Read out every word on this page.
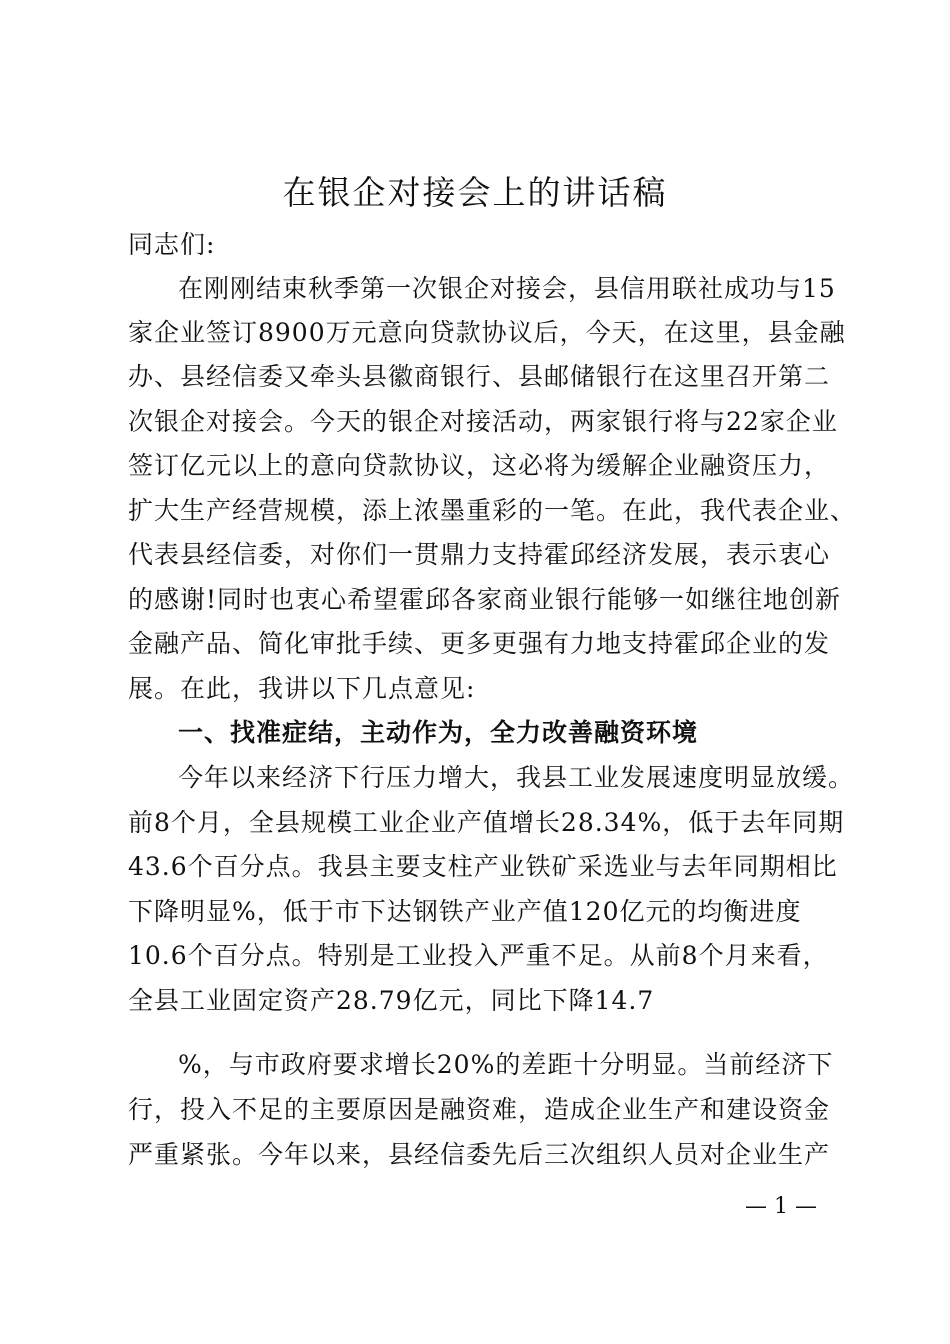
在银企对接会上的讲话稿
同志们:
在刚刚结束秋季第一次银企对接会，县信用联社成功与15
家企业签订8900万元意向贷款协议后，今天，在这里，县金融
办、县经信委又牵头县徽商银行、县邮储银行在这里召开第二
次银企对接会。今天的银企对接活动，两家银行将与22家企业
签订亿元以上的意向贷款协议，这必将为缓解企业融资压力，
扩大生产经营规模，添上浓墨重彩的一笔。在此，我代表企业、
代表县经信委，对你们一贯鼎力支持霍邱经济发展，表示衷心
的感谢!同时也衷心希望霍邱各家商业银行能够一如继往地创新
金融产品、简化审批手续、更多更强有力地支持霍邱企业的发
展。在此，我讲以下几点意见:
一、找准症结，主动作为，全力改善融资环境
今年以来经济下行压力增大，我县工业发展速度明显放缓。
前8个月，全县规模工业企业产值增长28.34%，低于去年同期
43.6个百分点。我县主要支柱产业铁矿采选业与去年同期相比
下降明显%，低于市下达钢铁产业产值120亿元的均衡进度
10.6个百分点。特别是工业投入严重不足。从前8个月来看，
全县工业固定资产28.79亿元，同比下降14.7
%，与市政府要求增长20%的差距十分明显。当前经济下
行，投入不足的主要原因是融资难，造成企业生产和建设资金
严重紧张。今年以来，县经信委先后三次组织人员对企业生产
— 1 —
